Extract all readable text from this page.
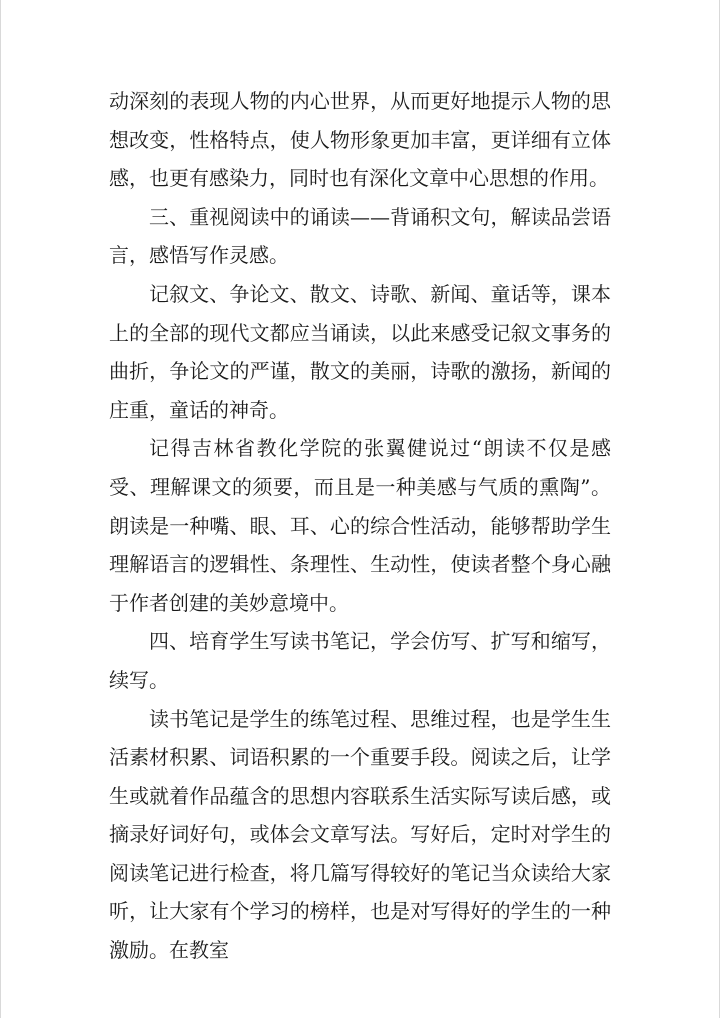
动深刻的表现人物的内心世界，从而更好地提示人物的思想改变，性格特点，使人物形象更加丰富，更详细有立体感，也更有感染力，同时也有深化文章中心思想的作用。

三、重视阅读中的诵读——背诵积文句，解读品尝语言，感悟写作灵感。

记叙文、争论文、散文、诗歌、新闻、童话等，课本上的全部的现代文都应当诵读，以此来感受记叙文事务的曲折，争论文的严谨，散文的美丽，诗歌的激扬，新闻的庄重，童话的神奇。

记得吉林省教化学院的张翼健说过“朗读不仅是感受、理解课文的须要，而且是一种美感与气质的熏陶”。朗读是一种嘴、眼、耳、心的综合性活动，能够帮助学生理解语言的逻辑性、条理性、生动性，使读者整个身心融于作者创建的美妙意境中。

四、培育学生写读书笔记，学会仿写、扩写和缩写，续写。

读书笔记是学生的练笔过程、思维过程，也是学生生活素材积累、词语积累的一个重要手段。阅读之后，让学生或就着作品蕴含的思想内容联系生活实际写读后感，或摘录好词好句，或体会文章写法。写好后，定时对学生的阅读笔记进行检查，将几篇写得较好的笔记当众读给大家听，让大家有个学习的榜样，也是对写得好的学生的一种激励。在教室
